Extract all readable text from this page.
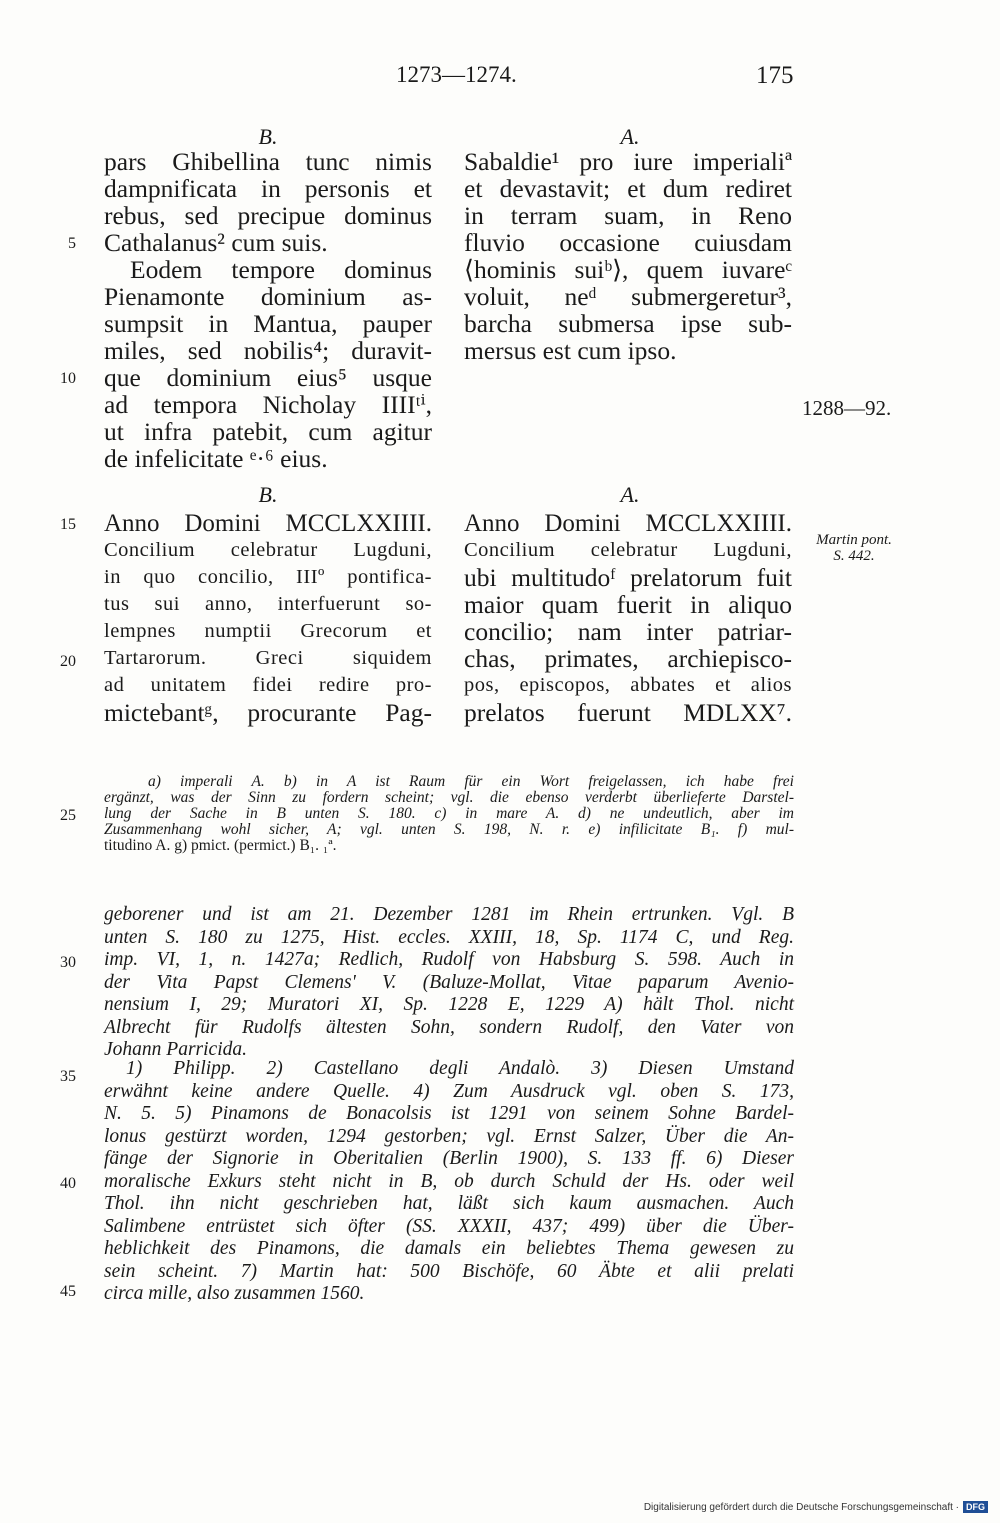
1273—1274.	175
B.	A.
pars Ghibellina tunc nimis
dampnificata in personis et
rebus, sed precipue dominus
Cathalanus² cum suis.
Eodem tempore dominus
Pienamonte dominium as-
sumpsit in Mantua, pauper
miles, sed nobilis⁴; duravit-
que dominium eius⁵ usque
ad tempora Nicholay IIIIᵗⁱ,
ut infra patebit, cum agitur
de infelicitate ᵉ·⁶ eius.
Sabaldie¹ pro iure imperialiª
et devastavit; et dum rediret
in terram suam, in Reno
fluvio occasione cuiusdam
⟨hominis suiᵇ⟩, quem iuvareᶜ
voluit, neᵈ submergeretur³,
barcha submersa ipse sub-
mersus est cum ipso.
1288—92.
B.	A.
Anno Domini MCCLXXIIII.
Concilium celebratur Lugduni,
in quo concilio, IIIº pontifica-
tus sui anno, interfuerunt so-
lempnes numptii Grecorum et
Tartarorum. Greci siquidem
ad unitatem fidei redire pro-
mictebantᵍ, procurante Pag-
Anno Domini MCCLXXIIII.
Concilium celebratur Lugduni,
ubi multitudoᶠ prelatorum fuit
maior quam fuerit in aliquo
concilio; nam inter patriar-
chas, primates, archiepisco-
pos, episcopos, abbates et alios
prelatos fuerunt MDLXX⁷.
Martin pont.
S. 442.
5
10
15
20
25
30
35
40
45
a) imperali A. b) in A ist Raum für ein Wort freigelassen, ich habe frei
ergänzt, was der Sinn zu fordern scheint; vgl. die ebenso verderbt überlieferte Darstel-
lung der Sache in B unten S. 180. c) in mare A. d) ne undeutlich, aber im
Zusammenhang wohl sicher, A; vgl. unten S. 198, N. r. e) infilicitate B₁. f) mul-
titudino A. g) pmict. (permict.) B₁. ₁ª.
geborener und ist am 21. Dezember 1281 im Rhein ertrunken. Vgl. B
unten S. 180 zu 1275, Hist. eccles. XXIII, 18, Sp. 1174 C, und Reg.
imp. VI, 1, n. 1427a; Redlich, Rudolf von Habsburg S. 598. Auch in
der Vita Papst Clemens' V. (Baluze-Mollat, Vitae paparum Avenio-
nensium I, 29; Muratori XI, Sp. 1228 E, 1229 A) hält Thol. nicht
Albrecht für Rudolfs ältesten Sohn, sondern Rudolf, den Vater von
Johann Parricida.
1) Philipp. 2) Castellano degli Andalò. 3) Diesen Umstand
erwähnt keine andere Quelle. 4) Zum Ausdruck vgl. oben S. 173,
N. 5. 5) Pinamons de Bonacolsis ist 1291 von seinem Sohne Bardel-
lonus gestürzt worden, 1294 gestorben; vgl. Ernst Salzer, Über die An-
fänge der Signorie in Oberitalien (Berlin 1900), S. 133 ff. 6) Dieser
moralische Exkurs steht nicht in B, ob durch Schuld der Hs. oder weil
Thol. ihn nicht geschrieben hat, läßt sich kaum ausmachen. Auch
Salimbene entrüstet sich öfter (SS. XXXII, 437; 499) über die Über-
heblichkeit des Pinamons, die damals ein beliebtes Thema gewesen zu
sein scheint. 7) Martin hat: 500 Bischöfe, 60 Äbte et alii prelati
circa mille, also zusammen 1560.
Digitalisierung gefördert durch die Deutsche Forschungsgemeinschaft · DFG
